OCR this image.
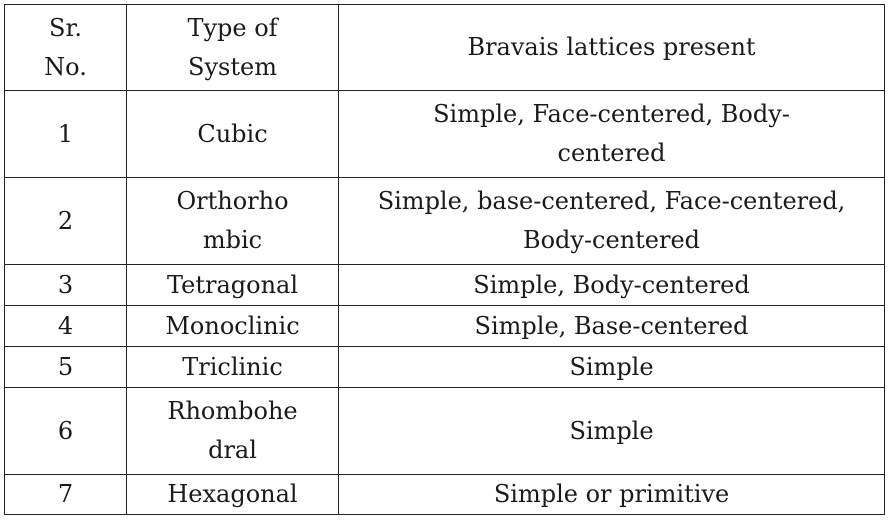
Sr. No.	Type of System	Bravais lattices present
1	Cubic	Simple, Face-centered, Body-centered
2	Orthorhombic	Simple, base-centered, Face-centered, Body-centered
3	Tetragonal	Simple, Body-centered
4	Monoclinic	Simple, Base-centered
5	Triclinic	Simple
6	Rhombohedral	Simple
7	Hexagonal	Simple or primitive
